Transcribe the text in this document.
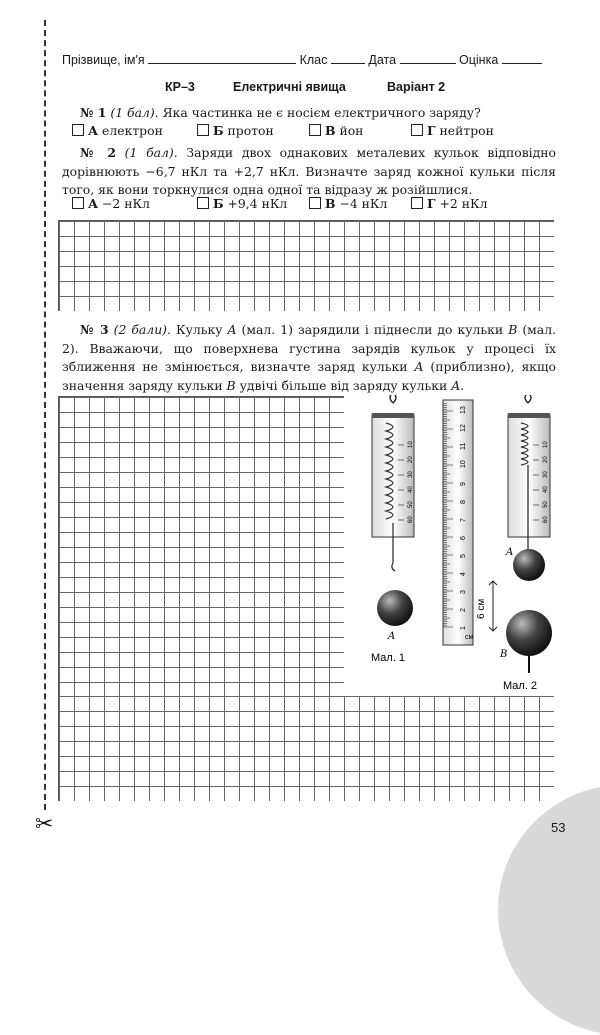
✂
Прізвище, ім'я	Клас	Дата	Оцінка
КР–3	Електричні явища	Варіант 2
№ 1 (1 бал). Яка частинка не є носієм електричного заряду?
А електрон	Б протон	В йон	Г нейтрон
№ 2 (1 бал). Заряди двох однакових металевих кульок відповідно дорівнюють −6,7 нКл та +2,7 нКл. Визначте заряд кожної кульки після того, як вони торкнулися одна одної та відразу ж розійшлися.
А −2 нКл	Б +9,4 нКл	В −4 нКл	Г +2 нКл
№ 3 (2 бали). Кульку A (мал. 1) зарядили і піднесли до кульки B (мал. 2). Вважаючи, що поверхнева густина зарядів кульок у процесі їх зближення не змінюється, визначте заряд кульки A (приблизно), якщо значення заряду кульки B удвічі більше від заряду кульки A.
10
20
30
40
50
60
A
Мал. 1
1
2
3
4
5
6
7
8
9
10
11
12
13
см
10
20
30
40
50
60
A
6 см
B
Мал. 2
53
